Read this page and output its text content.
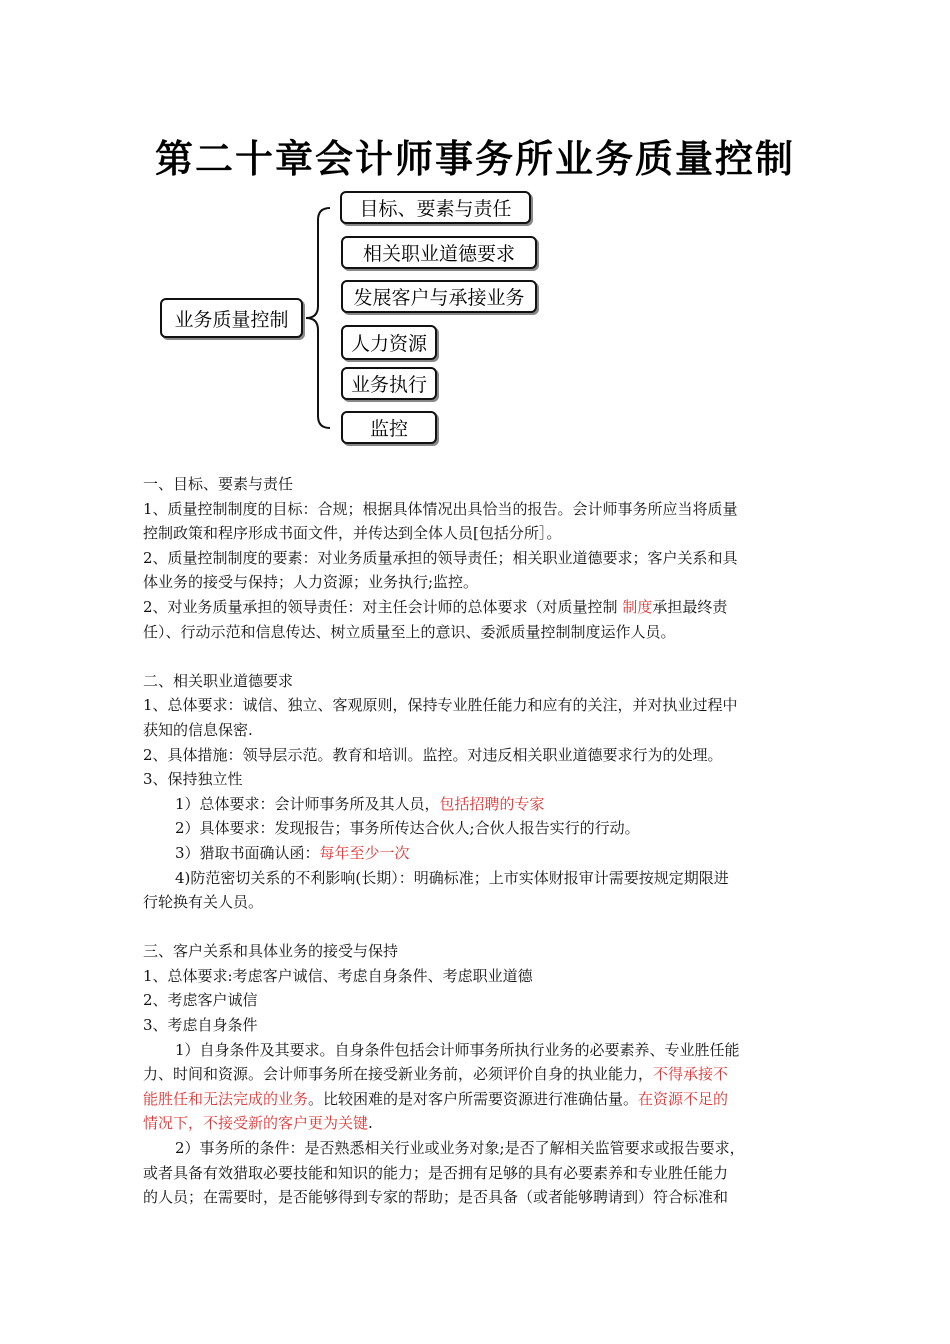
第二十章会计师事务所业务质量控制
业务质量控制
目标、要素与责任
相关职业道德要求
发展客户与承接业务
人力资源
业务执行
监控
一、目标、要素与责任
1、质量控制制度的目标：合规；根据具体情况出具恰当的报告。会计师事务所应当将质量
控制政策和程序形成书面文件，并传达到全体人员[包括分所］。
2、质量控制制度的要素：对业务质量承担的领导责任；相关职业道德要求；客户关系和具
体业务的接受与保持；人力资源；业务执行;监控。
2、对业务质量承担的领导责任：对主任会计师的总体要求（对质量控制 制度承担最终责
任）、行动示范和信息传达、树立质量至上的意识、委派质量控制制度运作人员。
二、相关职业道德要求
1、总体要求：诚信、独立、客观原则，保持专业胜任能力和应有的关注，并对执业过程中
获知的信息保密.
2、具体措施：领导层示范。教育和培训。监控。对违反相关职业道德要求行为的处理。
3、保持独立性
1）总体要求：会计师事务所及其人员，包括招聘的专家
2）具体要求：发现报告；事务所传达合伙人;合伙人报告实行的行动。
3）猎取书面确认函：每年至少一次
4)防范密切关系的不利影响(长期）：明确标准；上市实体财报审计需要按规定期限进
行轮换有关人员。
三、客户关系和具体业务的接受与保持
1、总体要求:考虑客户诚信、考虑自身条件、考虑职业道德
2、考虑客户诚信
3、考虑自身条件
1）自身条件及其要求。自身条件包括会计师事务所执行业务的必要素养、专业胜任能
力、时间和资源。会计师事务所在接受新业务前，必须评价自身的执业能力，不得承接不
能胜任和无法完成的业务。比较困难的是对客户所需要资源进行准确估量。在资源不足的
情况下，不接受新的客户更为关键.
2）事务所的条件：是否熟悉相关行业或业务对象;是否了解相关监管要求或报告要求，
或者具备有效猎取必要技能和知识的能力；是否拥有足够的具有必要素养和专业胜任能力
的人员；在需要时，是否能够得到专家的帮助；是否具备（或者能够聘请到）符合标准和
